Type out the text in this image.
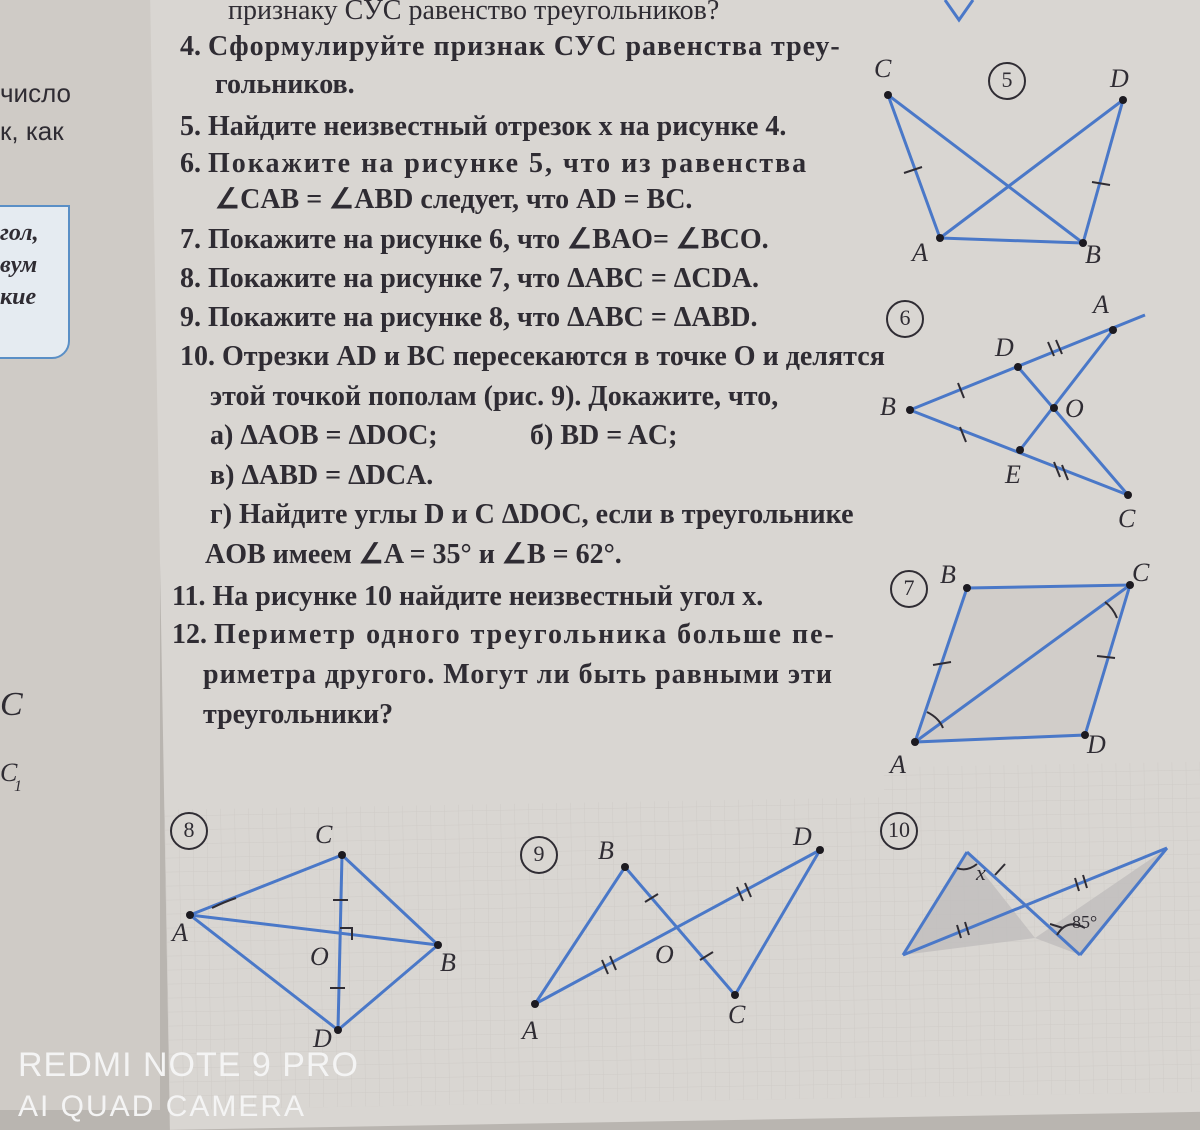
число
к, как
гол,
вум
кие
C
C
1
признаку СУС равенство треугольников?
4. Сформулируйте признак СУС равенства треу-
гольников.
5. Найдите неизвестный отрезок x на рисунке 4.
6. Покажите на рисунке 5, что из равенства
∠CAB = ∠ABD следует, что AD = BC.
7. Покажите на рисунке 6, что ∠BAO= ∠BCO.
8. Покажите на рисунке 7, что ΔABC = ΔCDA.
9. Покажите на рисунке 8, что ΔABC = ΔABD.
10. Отрезки AD и BC пересекаются в точке O и делятся
этой точкой пополам (рис. 9). Докажите, что,
а) ΔAOB = ΔDOC;	б) BD = AC;
в) ΔABD = ΔDCA.
г) Найдите углы D и C ΔDOC, если в треугольнике
AOB имеем ∠A = 35° и ∠B = 62°.
11. На рисунке 10 найдите неизвестный угол x.
12. Периметр одного треугольника больше пе-
риметра другого. Могут ли быть равными эти
треугольники?
5
C	D
A	B
6	A
D
B	O
E
C
7 B	C
A
D
8	C
A
O	B
D
9	B	D
O
A
C
10
x
85°
REDMI NOTE 9 PRO
AI QUAD CAMERA
